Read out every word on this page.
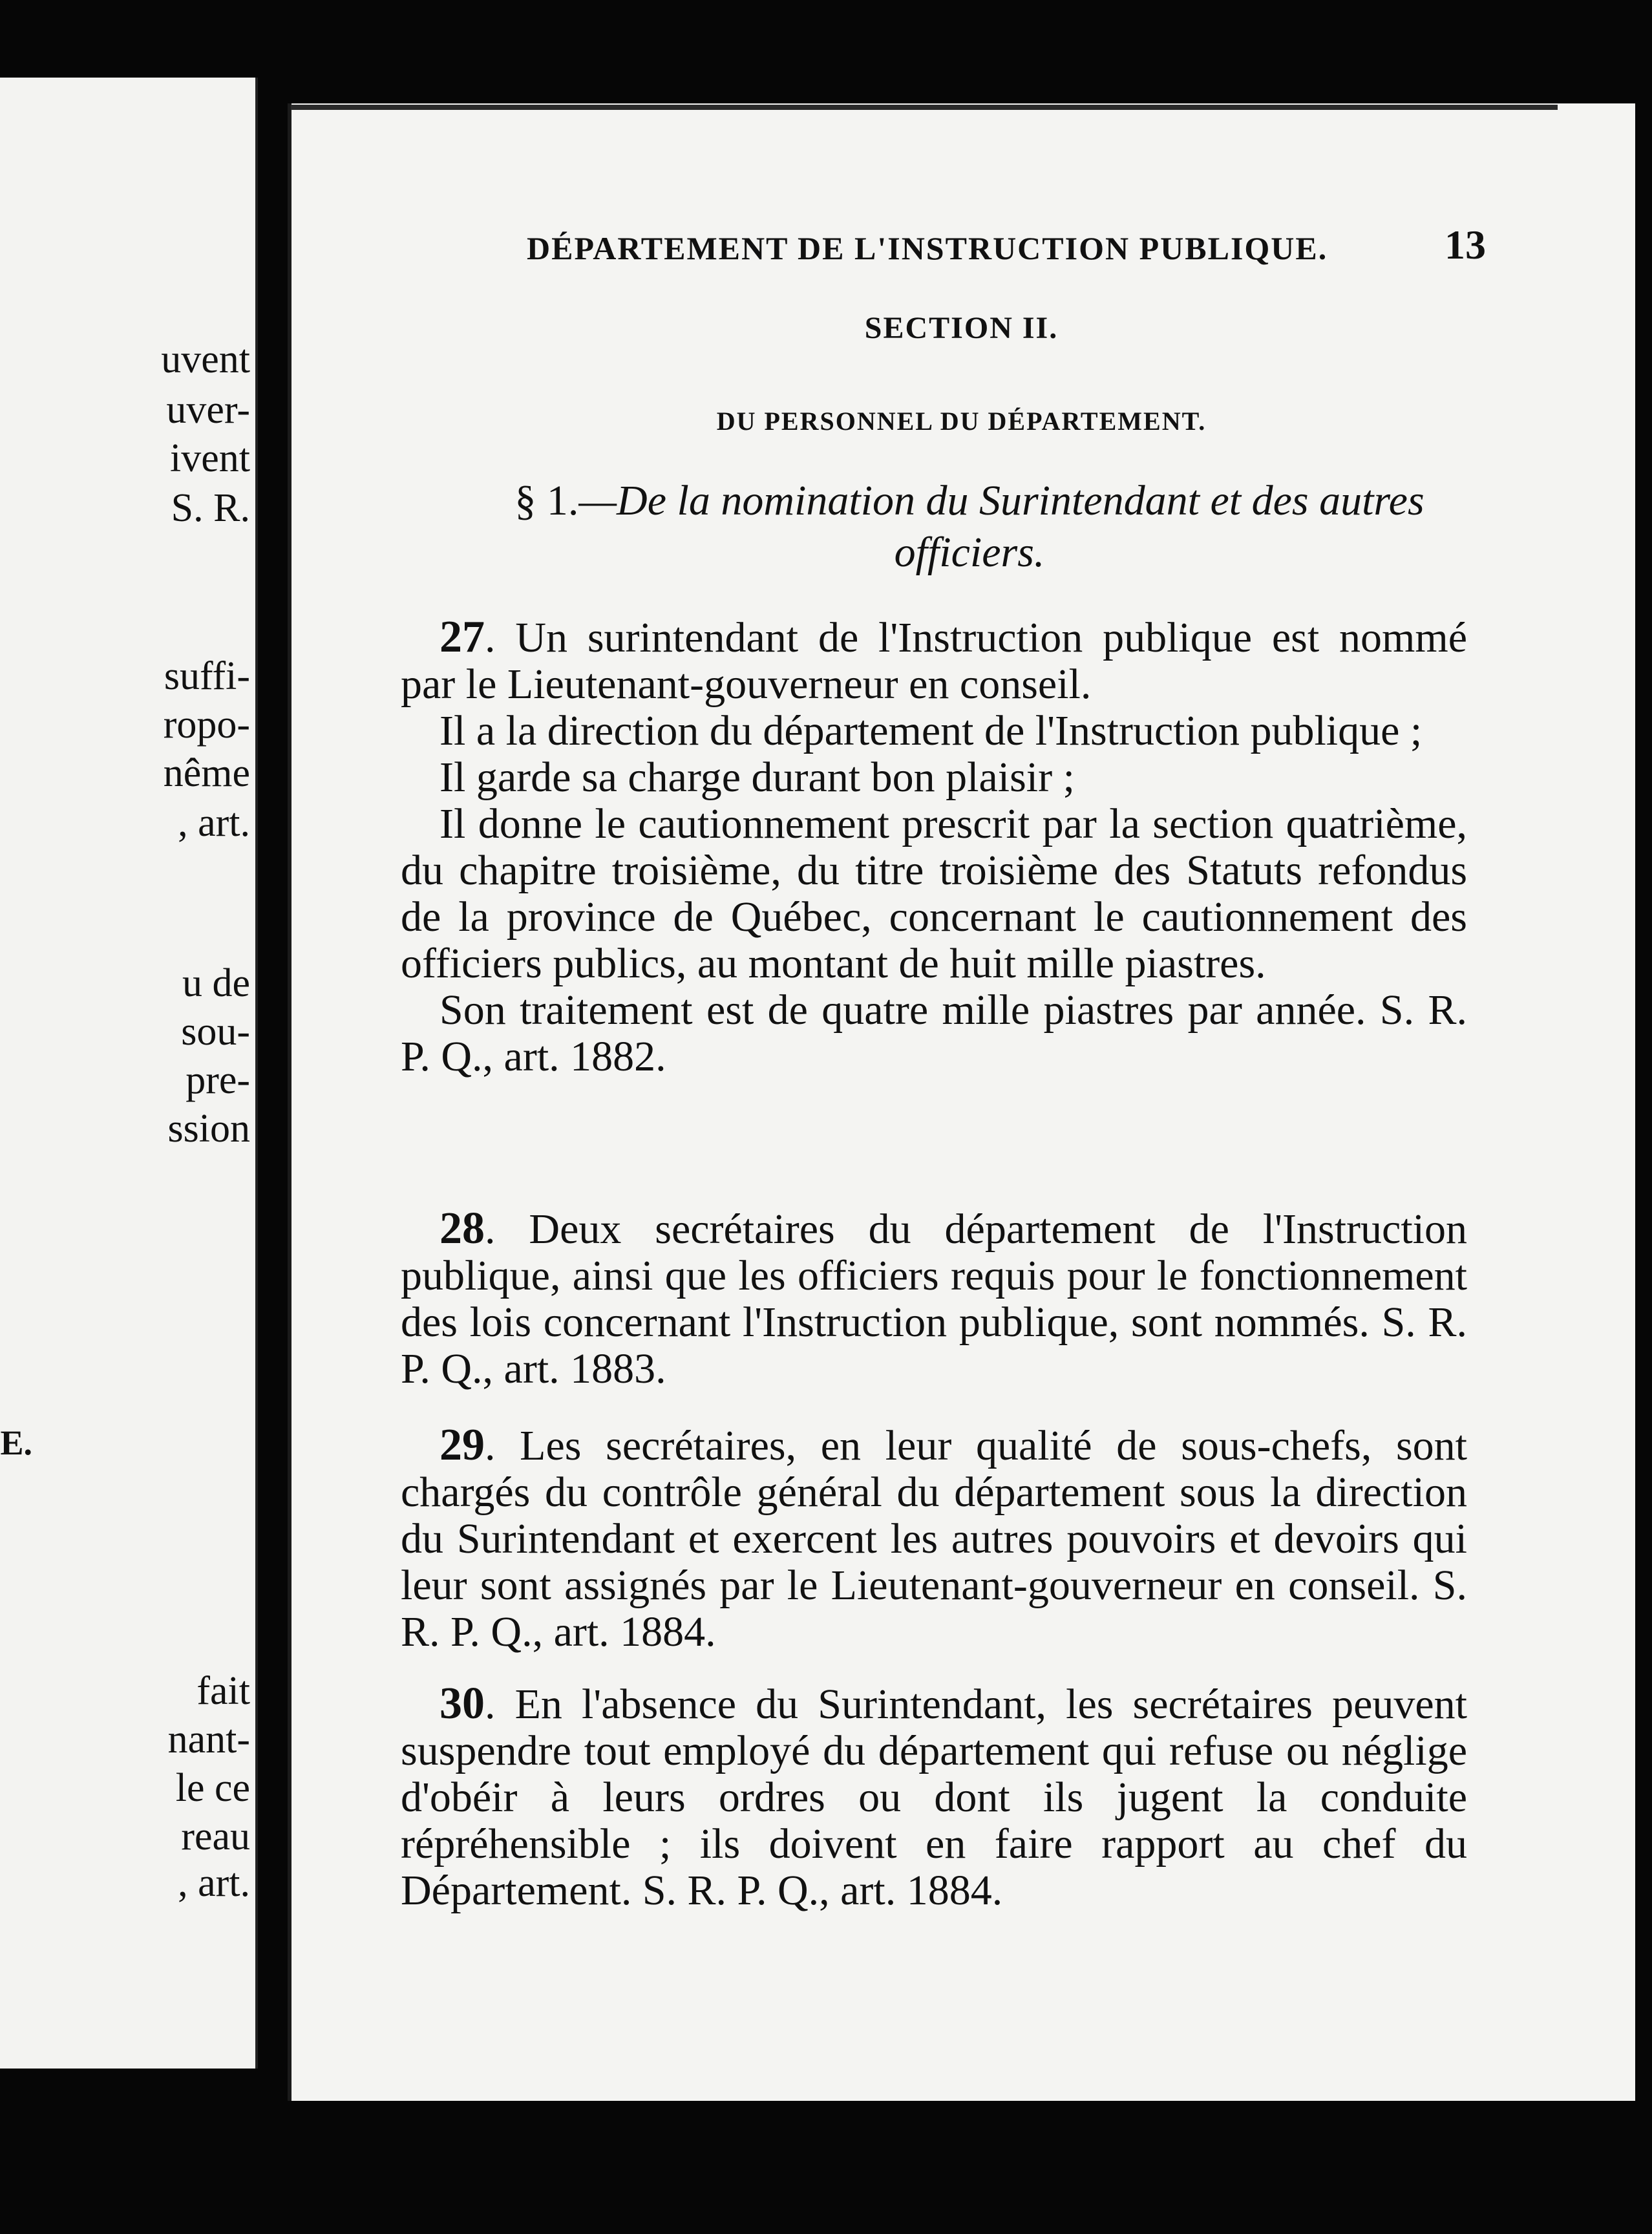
uvent
uver-
ivent
S. R.
suffi-
ropo-
nême
, art.
u de
sou-
pre-
ssion
E.
fait
nant-
le ce
reau
, art.
DÉPARTEMENT DE L'INSTRUCTION PUBLIQUE.	13
SECTION II.
DU PERSONNEL DU DÉPARTEMENT.
§ 1.—De la nomination du Surintendant et des autres officiers.

27. Un surintendant de l'Instruction publique est nommé par le Lieutenant-gouverneur en conseil.

Il a la direction du département de l'Instruction publique ;

Il garde sa charge durant bon plaisir ;

Il donne le cautionnement prescrit par la section quatrième, du chapitre troisième, du titre troisième des Statuts refondus de la province de Québec, concernant le cautionnement des officiers publics, au montant de huit mille piastres.

Son traitement est de quatre mille piastres par année. S. R. P. Q., art. 1882.

28. Deux secrétaires du département de l'Instruction publique, ainsi que les officiers requis pour le fonctionnement des lois concernant l'Instruction publique, sont nommés. S. R. P. Q., art. 1883.

29. Les secrétaires, en leur qualité de sous-chefs, sont chargés du contrôle général du département sous la direction du Surintendant et exercent les autres pouvoirs et devoirs qui leur sont assignés par le Lieutenant-gouverneur en conseil. S. R. P. Q., art. 1884.

30. En l'absence du Surintendant, les secrétaires peuvent suspendre tout employé du département qui refuse ou néglige d'obéir à leurs ordres ou dont ils jugent la conduite répréhensible ; ils doivent en faire rapport au chef du Département. S. R. P. Q., art. 1884.
